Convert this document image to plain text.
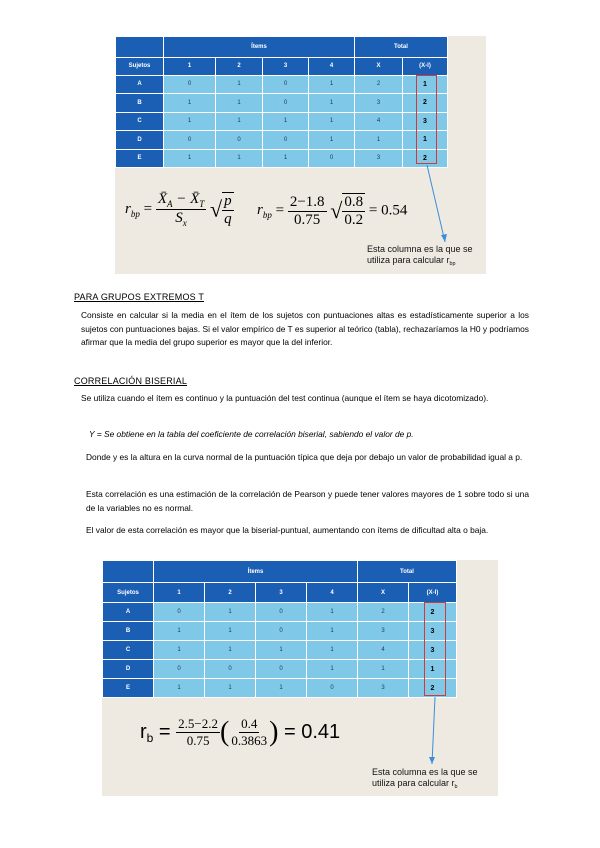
	Ítems				Total	
Sujetos	1	2	3	4	X	(X-I)
A	0	1	0	1	2	1
B	1	1	0	1	3	2
C	1	1	1	1	4	3
D	0	0	0	1	1	1
E	1	1	1	0	3	2
$r_{bp} = \frac{X̄_A - X̄_T}{S_x}$ √ $\frac{p}{q} r_{bp} = \frac{2-1.8}{0.75}$ √ $\frac{0.8}{0.2} = 0.54$
Esta columna es la que se utiliza para calcular $r_{bp}$
PARA GRUPOS EXTREMOS T
Consiste en calcular si la media en el ítem de los sujetos con puntuaciones altas es estadísticamente superior a los sujetos con puntuaciones bajas. Si el valor empírico de T es superior al teórico (tabla), rechazaríamos la H0 y podríamos afirmar que la media del grupo superior es mayor que la del inferior.
CORRELACIÓN BISERIAL
Se utiliza cuando el ítem es continuo y la puntuación del test continua (aunque el ítem se haya dicotomizado).
Y = Se obtiene en la tabla del coeficiente de correlación biserial, sabiendo el valor de p.
Donde y es la altura en la curva normal de la puntuación típica que deja por debajo un valor de probabilidad igual a p.
Esta correlación es una estimación de la correlación de Pearson y puede tener valores mayores de 1 sobre todo si una de la variables no es normal.
El valor de esta correlación es mayor que la biserial-puntual, aumentando con ítems de dificultad alta o baja.
	Ítems				Total	
Sujetos	1	2	3	4	X	(X-I)
A	0	1	0	1	2	2
B	1	1	0	1	3	3
C	1	1	1	1	4	3
D	0	0	0	1	1	1
E	1	1	1	0	3	2
$r_b = \frac{2.5-2.2}{0.75}$ ( $\frac{0.4}{0.3863}$ ) = 0.41
Esta columna es la que se utiliza para calcular $r_b$
